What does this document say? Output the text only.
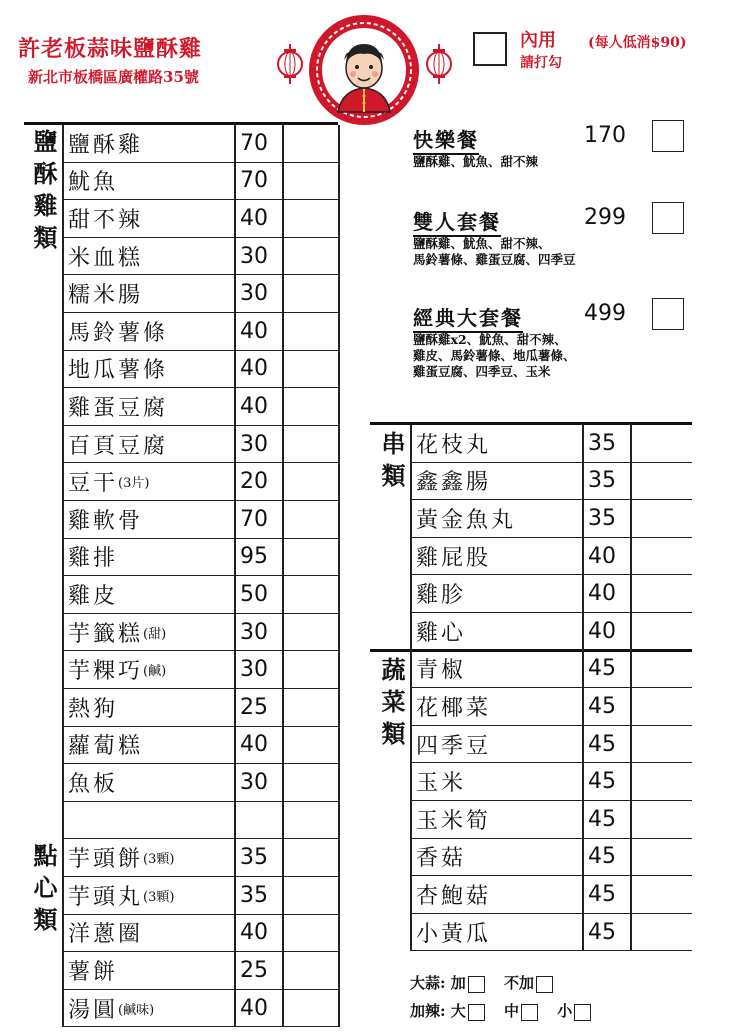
許老板蒜味鹽酥雞
新北市板橋區廣權路35號
內用 (每人低消$90)
請打勾
鹽酥雞	70
魷魚	70
甜不辣	40
米血糕	30
糯米腸	30
馬鈴薯條	40
地瓜薯條	40
雞蛋豆腐	40
百頁豆腐	30
豆干 (3片)	20
雞軟骨	70
雞排	95
雞皮	50
芋籤糕 (甜)	30
芋粿巧 (鹹)	30
熱狗	25
蘿蔔糕	40
魚板	30
鹽酥雞類
芋頭餅 (3顆)	35
芋頭丸 (3顆)	35
洋蔥圈	40
薯餅	25
湯圓 (鹹味)	40
點心類
快樂餐	170
鹽酥雞、魷魚、甜不辣
雙人套餐	299
鹽酥雞、魷魚、甜不辣、
馬鈴薯條、雞蛋豆腐、四季豆
經典大套餐	499
鹽酥雞x2、魷魚、甜不辣、
雞皮、馬鈴薯條、地瓜薯條、
雞蛋豆腐、四季豆、玉米
花枝丸	35
鑫鑫腸	35
黃金魚丸	35
雞屁股	40
雞胗	40
雞心	40
串類
青椒	45
花椰菜	45
四季豆	45
玉米	45
玉米筍	45
香菇	45
杏鮑菇	45
小黃瓜	45
蔬菜類
大蒜: 加	不加
加辣: 大	中	小
